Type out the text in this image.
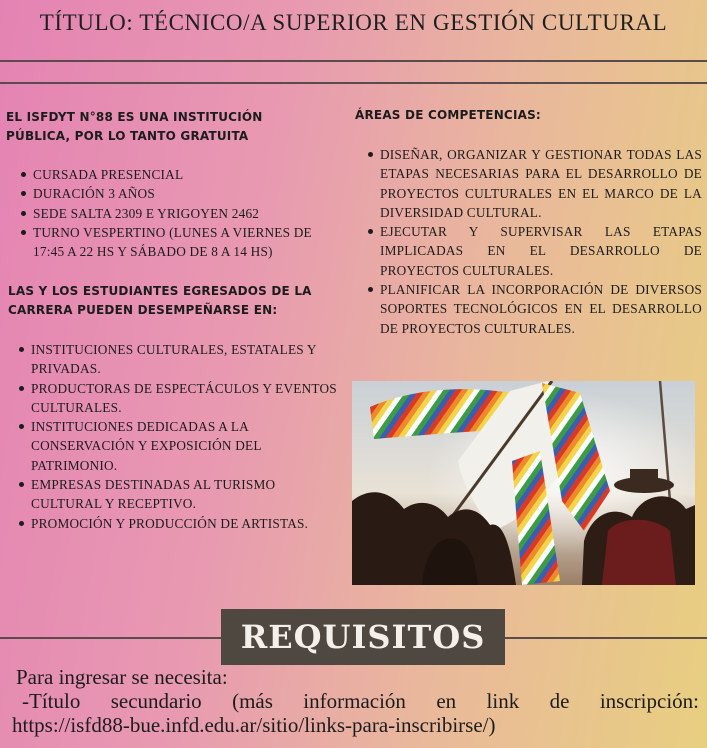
TÍTULO: TÉCNICO/A SUPERIOR EN GESTIÓN CULTURAL
EL ISFDYT N°88 ES UNA INSTITUCIÓN
PÚBLICA, POR LO TANTO GRATUITA
CURSADA PRESENCIAL
DURACIÓN 3 AÑOS
SEDE SALTA 2309 E YRIGOYEN 2462
TURNO VESPERTINO (LUNES A VIERNES DE 17:45 A 22 HS Y SÁBADO DE 8 A 14 HS)
LAS Y LOS ESTUDIANTES EGRESADOS DE LA
CARRERA PUEDEN DESEMPEÑARSE EN:
INSTITUCIONES CULTURALES, ESTATALES Y PRIVADAS.
PRODUCTORAS DE ESPECTÁCULOS Y EVENTOS CULTURALES.
INSTITUCIONES DEDICADAS A LA CONSERVACIÓN Y EXPOSICIÓN DEL PATRIMONIO.
EMPRESAS DESTINADAS AL TURISMO CULTURAL Y RECEPTIVO.
PROMOCIÓN Y PRODUCCIÓN DE ARTISTAS.
ÁREAS DE COMPETENCIAS:
DISEÑAR, ORGANIZAR Y GESTIONAR TODAS LAS ETAPAS NECESARIAS PARA EL DESARROLLO DE PROYECTOS CULTURALES EN EL MARCO DE LA DIVERSIDAD CULTURAL.
EJECUTAR Y SUPERVISAR LAS ETAPAS IMPLICADAS EN EL DESARROLLO DE PROYECTOS CULTURALES.
PLANIFICAR LA INCORPORACIÓN DE DIVERSOS SOPORTES TECNOLÓGICOS EN EL DESARROLLO DE PROYECTOS CULTURALES.
REQUISITOS
Para ingresar se necesita:
-Título secundario (más información en link de inscripción:
https://isfd88-bue.infd.edu.ar/sitio/links-para-inscribirse/)
